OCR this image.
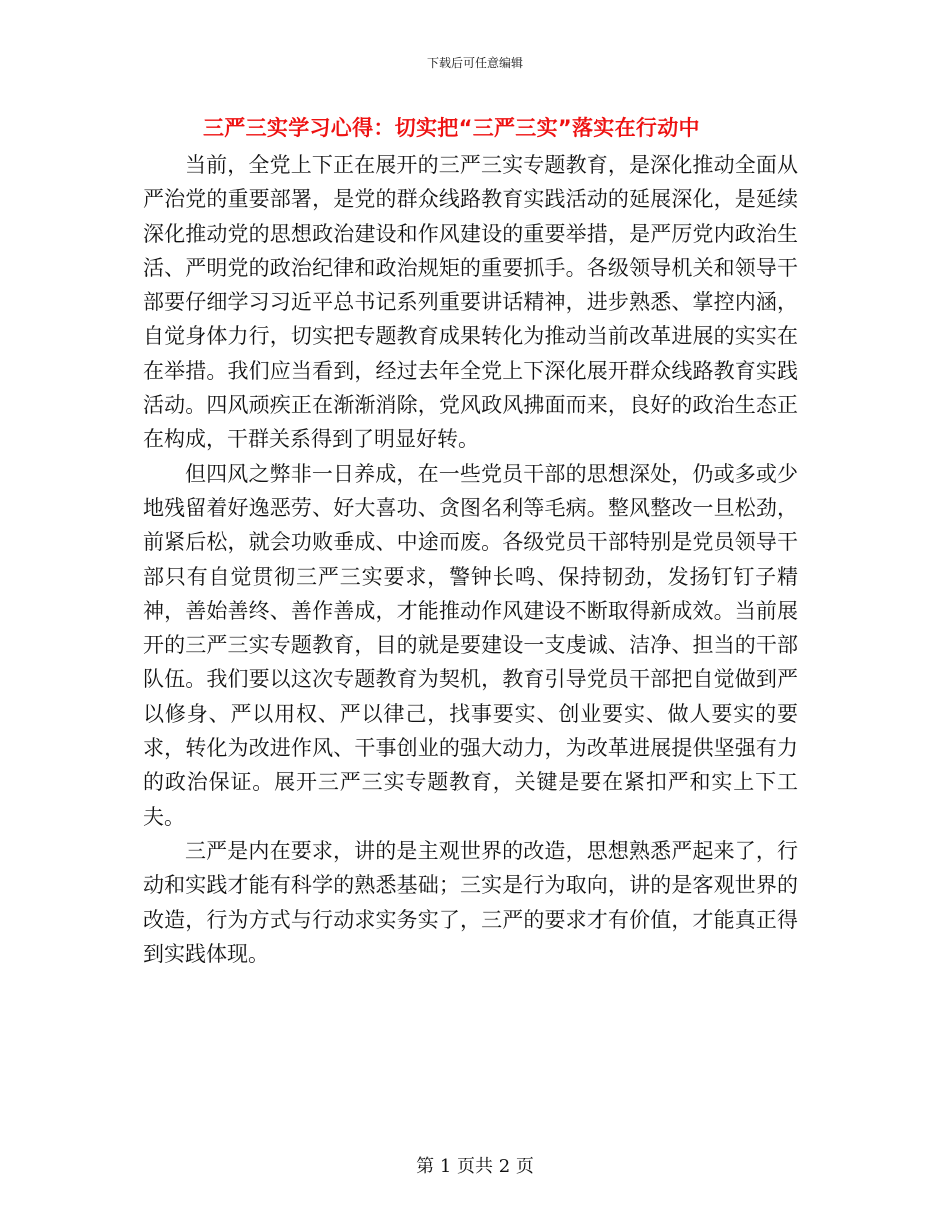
下载后可任意编辑
三严三实学习心得：切实把“三严三实”落实在行动中

当前，全党上下正在展开的三严三实专题教育，是深化推动全面从严治党的重要部署，是党的群众线路教育实践活动的延展深化，是延续深化推动党的思想政治建设和作风建设的重要举措，是严厉党内政治生活、严明党的政治纪律和政治规矩的重要抓手。各级领导机关和领导干部要仔细学习习近平总书记系列重要讲话精神，进步熟悉、掌控内涵，自觉身体力行，切实把专题教育成果转化为推动当前改革进展的实实在在举措。我们应当看到，经过去年全党上下深化展开群众线路教育实践活动。四风顽疾正在渐渐消除，党风政风拂面而来，良好的政治生态正在构成，干群关系得到了明显好转。

但四风之弊非一日养成，在一些党员干部的思想深处，仍或多或少地残留着好逸恶劳、好大喜功、贪图名利等毛病。整风整改一旦松劲，前紧后松，就会功败垂成、中途而废。各级党员干部特别是党员领导干部只有自觉贯彻三严三实要求，警钟长鸣、保持韧劲，发扬钉钉子精神，善始善终、善作善成，才能推动作风建设不断取得新成效。当前展开的三严三实专题教育，目的就是要建设一支虔诚、洁净、担当的干部队伍。我们要以这次专题教育为契机，教育引导党员干部把自觉做到严以修身、严以用权、严以律己，找事要实、创业要实、做人要实的要求，转化为改进作风、干事创业的强大动力，为改革进展提供坚强有力的政治保证。展开三严三实专题教育，关键是要在紧扣严和实上下工夫。

三严是内在要求，讲的是主观世界的改造，思想熟悉严起来了，行动和实践才能有科学的熟悉基础；三实是行为取向，讲的是客观世界的改造，行为方式与行动求实务实了，三严的要求才有价值，才能真正得到实践体现。

第 1 页共 2 页
